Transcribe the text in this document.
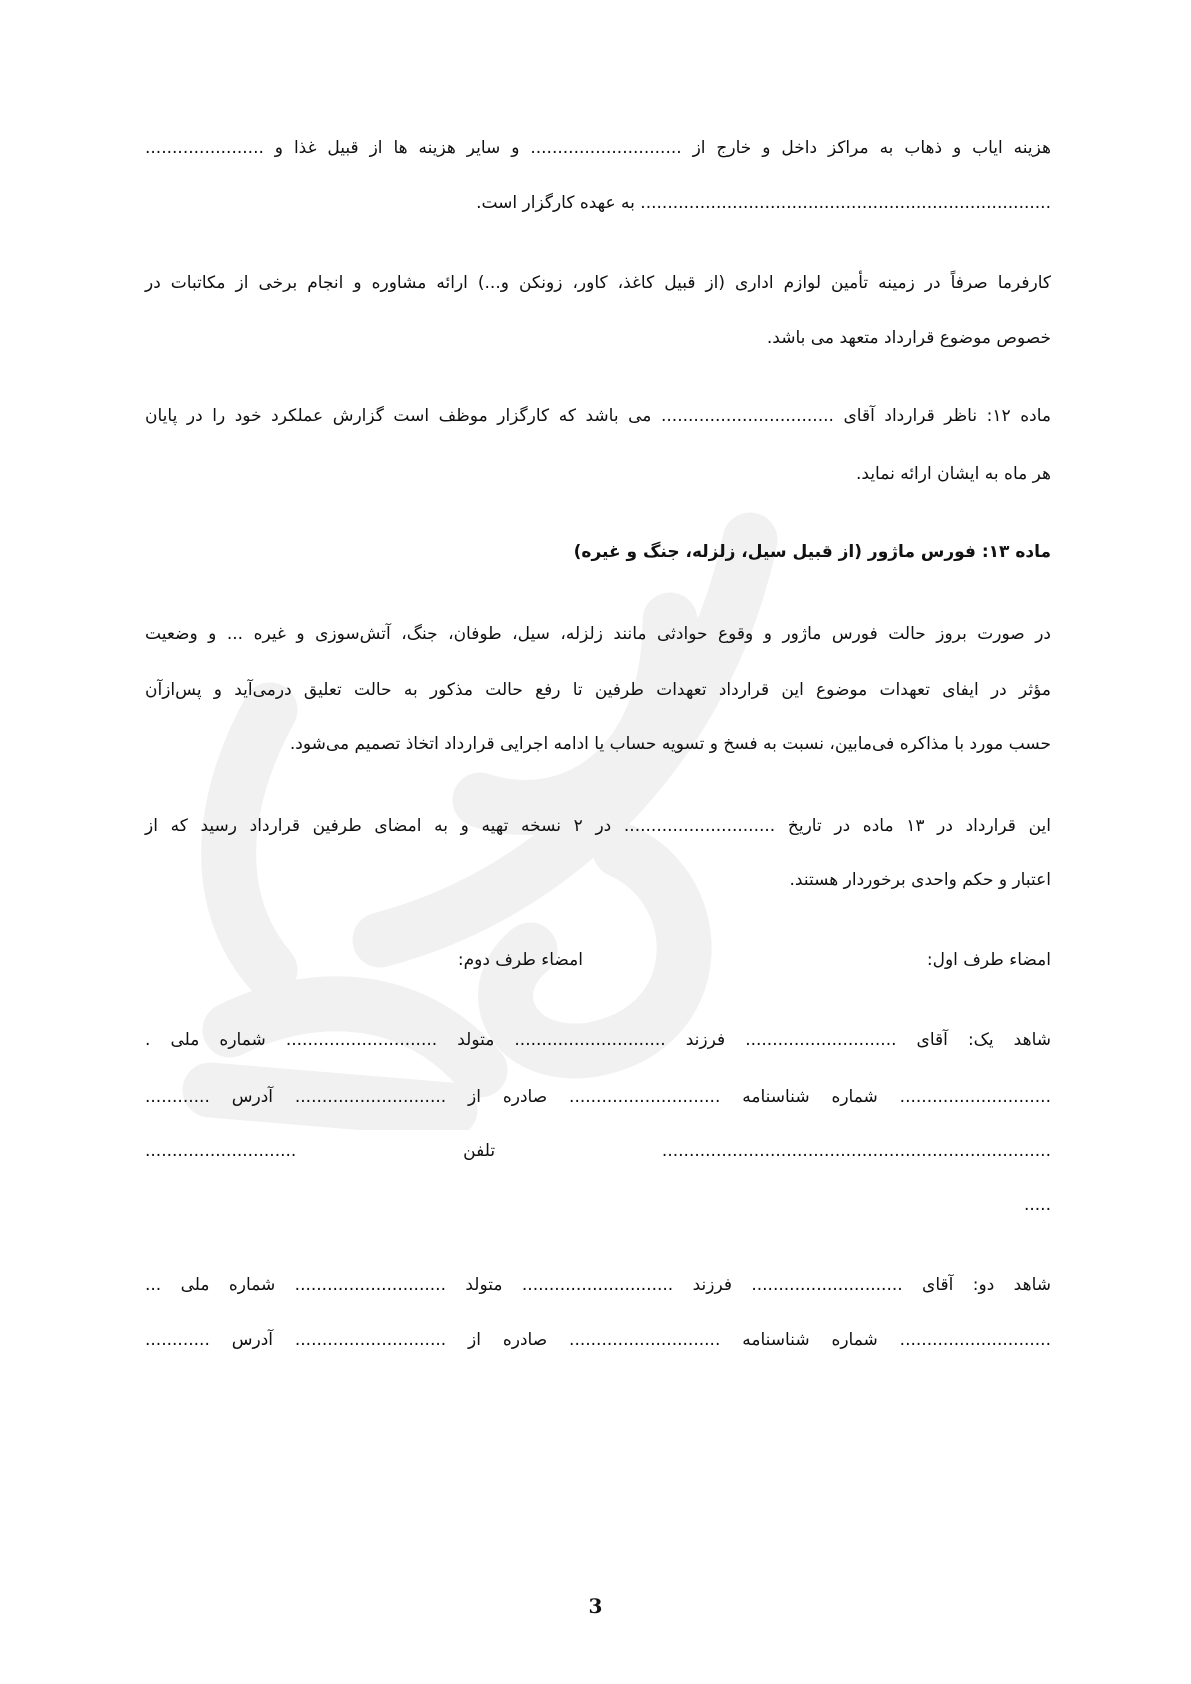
هزینه ایاب و ذهاب به مراکز داخل و خارج از ............................ و سایر هزینه ها از قبیل غذا و ......................
............................................................................ به عهده کارگزار است.
کارفرما صرفاً در زمینه تأمین لوازم اداری (از قبیل کاغذ، کاور، زونکن و...) ارائه مشاوره و انجام برخی از مکاتبات در
خصوص موضوع قرارداد متعهد می باشد.
ماده ۱۲: ناظر قرارداد آقای ................................ می باشد که کارگزار موظف است گزارش عملکرد خود را در پایان
هر ماه به ایشان ارائه نماید.
ماده ۱۳: فورس ماژور (از قبیل سیل، زلزله، جنگ و غیره)
در صورت بروز حالت فورس ماژور و وقوع حوادثی مانند زلزله، سیل، طوفان، جنگ، آتش‌سوزی و غیره ... و وضعیت
مؤثر در ایفای تعهدات موضوع این قرارداد تعهدات طرفین تا رفع حالت مذکور به حالت تعلیق درمی‌آید و پس‌ازآن
حسب مورد با مذاکره فی‌مابین، نسبت به فسخ و تسویه حساب یا ادامه اجرایی قرارداد اتخاذ تصمیم می‌شود.
این قرارداد در ۱۳ ماده در تاریخ ............................ در ۲ نسخه تهیه و به امضای طرفین قرارداد رسید که از
اعتبار و حکم واحدی برخوردار هستند.
امضاء طرف اول:
امضاء طرف دوم:
شاهد یک: آقای ............................ فرزند ............................ متولد ............................ شماره ملی .
............................ شماره شناسنامه ............................ صادره از ............................ آدرس ............
........................................................................ تلفن ............................
.....
شاهد دو: آقای ............................ فرزند ............................ متولد ............................ شماره ملی ...
............................ شماره شناسنامه ............................ صادره از ............................ آدرس ............
3
